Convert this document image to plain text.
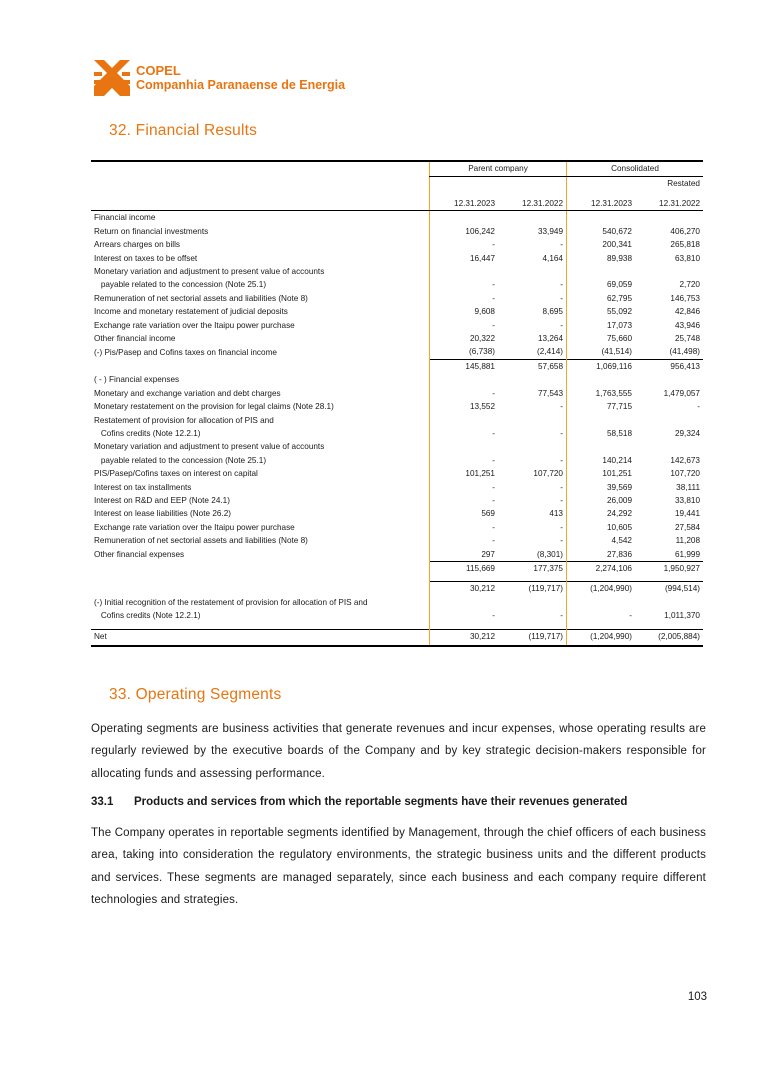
COPEL
Companhia Paranaense de Energia
32. Financial Results
	Parent company		Consolidated	
				Restated

	12.31.2023	12.31.2022	12.31.2023	12.31.2022
Financial income				
Return on financial investments	106,242	33,949	540,672	406,270
Arrears charges on bills	-	-	200,341	265,818
Interest on taxes to be offset	16,447	4,164	89,938	63,810
Monetary variation and adjustment to present value of accounts				
payable related to the concession (Note 25.1)	-	-	69,059	2,720
Remuneration of net sectorial assets and liabilities (Note 8)	-	-	62,795	146,753
Income and monetary restatement of judicial deposits	9,608	8,695	55,092	42,846
Exchange rate variation over the Itaipu power purchase	-	-	17,073	43,946
Other financial income	20,322	13,264	75,660	25,748
(-) Pis/Pasep and Cofins taxes on financial income	(6,738)	(2,414)	(41,514)	(41,498)
	145,881	57,658	1,069,116	956,413
( - ) Financial expenses				
Monetary and exchange variation and debt charges	-	77,543	1,763,555	1,479,057
Monetary restatement on the provision for legal claims (Note 28.1)	13,552	-	77,715	-
Restatement of provision for allocation of PIS and				
Cofins credits (Note 12.2.1)	-	-	58,518	29,324
Monetary variation and adjustment to present value of accounts				
payable related to the concession (Note 25.1)	-	-	140,214	142,673
PIS/Pasep/Cofins taxes on interest on capital	101,251	107,720	101,251	107,720
Interest on tax installments	-	-	39,569	38,111
Interest on R&D and EEP (Note 24.1)	-	-	26,009	33,810
Interest on lease liabilities (Note 26.2)	569	413	24,292	19,441
Exchange rate variation over the Itaipu power purchase	-	-	10,605	27,584
Remuneration of net sectorial assets and liabilities (Note 8)	-	-	4,542	11,208
Other financial expenses	297	(8,301)	27,836	61,999
	115,669	177,375	2,274,106	1,950,927

	30,212	(119,717)	(1,204,990)	(994,514)
(-) Initial recognition of the restatement of provision for allocation of PIS and				
Cofins credits (Note 12.2.1)	-	-	-	1,011,370

Net	30,212	(119,717)	(1,204,990)	(2,005,884)
33. Operating Segments

Operating segments are business activities that generate revenues and incur expenses, whose operating results are regularly reviewed by the executive boards of the Company and by key strategic decision-makers responsible for allocating funds and assessing performance.

33.1 Products and services from which the reportable segments have their revenues generated

The Company operates in reportable segments identified by Management, through the chief officers of each business area, taking into consideration the regulatory environments, the strategic business units and the different products and services. These segments are managed separately, since each business and each company require different technologies and strategies.

103
